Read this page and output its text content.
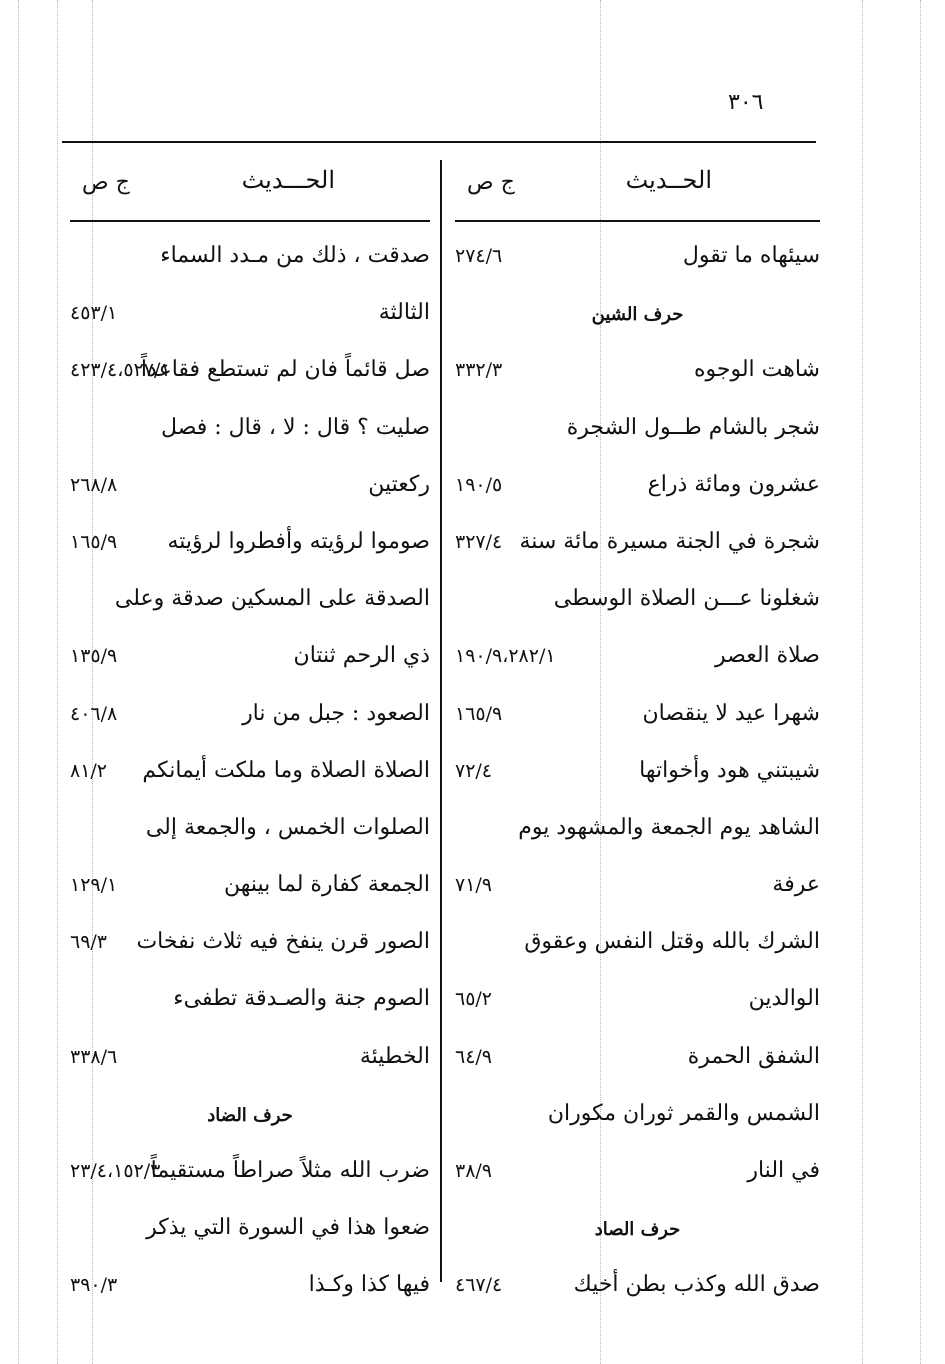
٣٠٦
الحــديث
ج ص
سيئهاه ما تقول
٢٧٤/٦
حرف الشين
شاهت الوجوه
٣٣٢/٣
شجر بالشام طــول الشجرة
عشرون ومائة ذراع
١٩٠/٥
شجرة في الجنة مسيرة مائة سنة
٣٢٧/٤
شغلونا عـــن الصلاة الوسطى
صلاة العصر
١٩٠/٩،٢٨٢/١
شهرا عيد لا ينقصان
١٦٥/٩
شيبتني هود وأخواتها
٧٢/٤
الشاهد يوم الجمعة والمشهود يوم
عرفة
٧١/٩
الشرك بالله وقتل النفس وعقوق
الوالدين
٦٥/٢
الشفق الحمرة
٦٤/٩
الشمس والقمر ثوران مكوران
في النار
٣٨/٩
حرف الصاد
صدق الله وكذب بطن أخيك
٤٦٧/٤
الحـــديث
ج ص
صدقت ، ذلك من مـدد السماء
الثالثة
٤٥٣/١
صل قائماً فان لم تستطع فقاعداً
٤٢٣/٤،٥٢٧/١
صليت ؟ قال : لا ، قال : فصل
ركعتين
٢٦٨/٨
صوموا لرؤيته وأفطروا لرؤيته
١٦٥/٩
الصدقة على المسكين صدقة وعلى
ذي الرحم ثنتان
١٣٥/٩
الصعود : جبل من نار
٤٠٦/٨
الصلاة الصلاة وما ملكت أيمانكم
٨١/٢
الصلوات الخمس ، والجمعة إلى
الجمعة كفارة لما بينهن
١٢٩/١
الصور قرن ينفخ فيه ثلاث نفخات
٦٩/٣
الصوم جنة والصـدقة تطفىء
الخطيئة
٣٣٨/٦
حرف الضاد
ضرب الله مثلاً صراطاً مستقيماً
٢٣/٤،١٥٢/٣
ضعوا هذا في السورة التي يذكر
فيها كذا وكـذا
٣٩٠/٣
